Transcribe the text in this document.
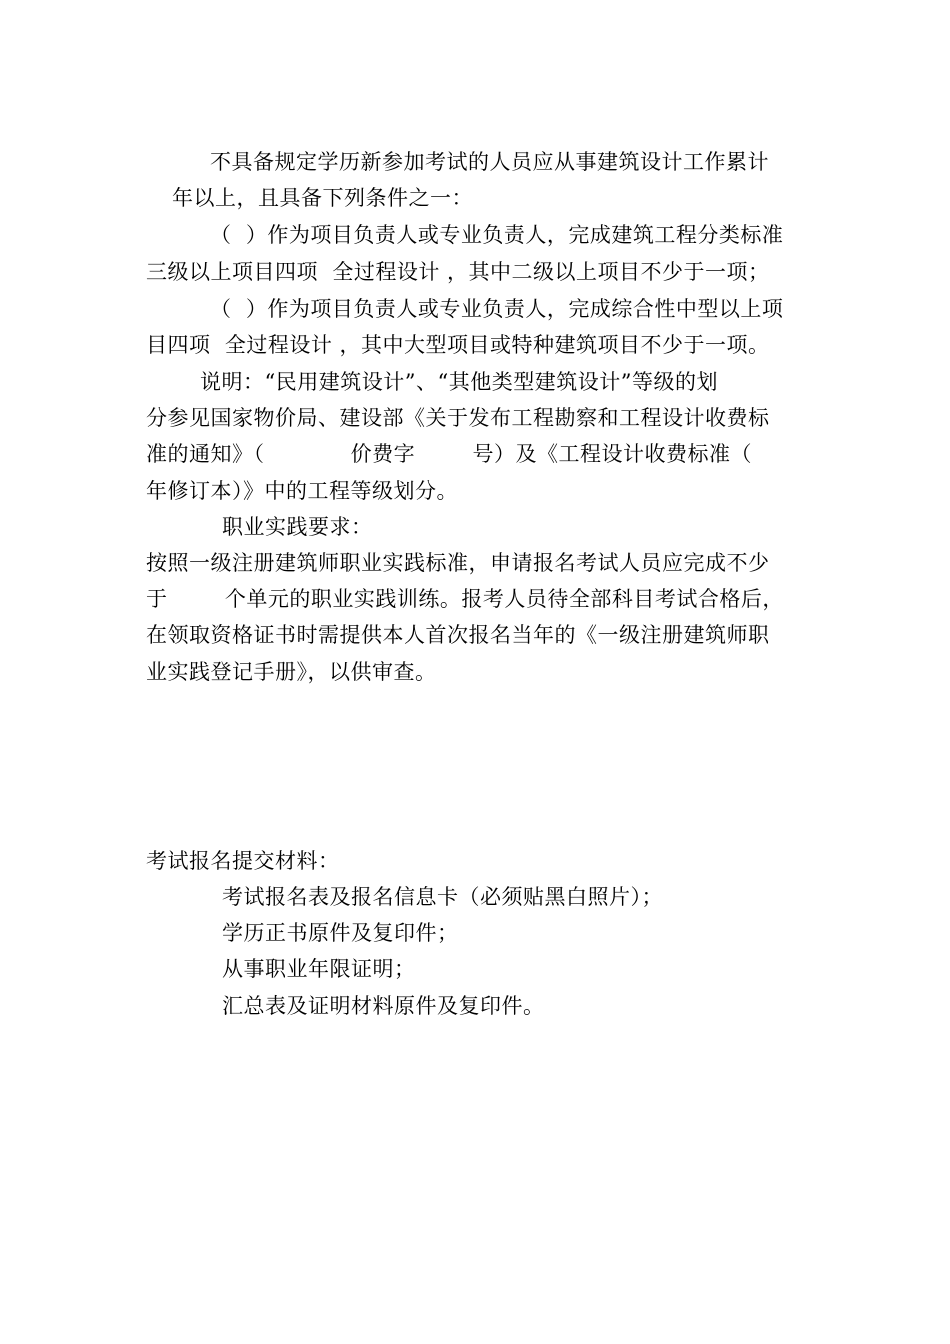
不具备规定学历新参加考试的人员应从事建筑设计工作累计
年以上，且具备下列条件之一：
（  ）作为项目负责人或专业负责人，完成建筑工程分类标准
三级以上项目四项  全过程设计 ，其中二级以上项目不少于一项；
（  ）作为项目负责人或专业负责人，完成综合性中型以上项
目四项  全过程设计 ，其中大型项目或特种建筑项目不少于一项。
说明：“民用建筑设计”、“其他类型建筑设计”等级的划
分参见国家物价局、建设部《关于发布工程勘察和工程设计收费标
准的通知》（            价费字        号）及《工程设计收费标准（
年修订本）》中的工程等级划分。
职业实践要求：
按照一级注册建筑师职业实践标准，申请报名考试人员应完成不少
于        个单元的职业实践训练。报考人员待全部科目考试合格后，
在领取资格证书时需提供本人首次报名当年的《一级注册建筑师职
业实践登记手册》，以供审查。
考试报名提交材料：
考试报名表及报名信息卡（必须贴黑白照片）；
学历正书原件及复印件；
从事职业年限证明；
汇总表及证明材料原件及复印件。
